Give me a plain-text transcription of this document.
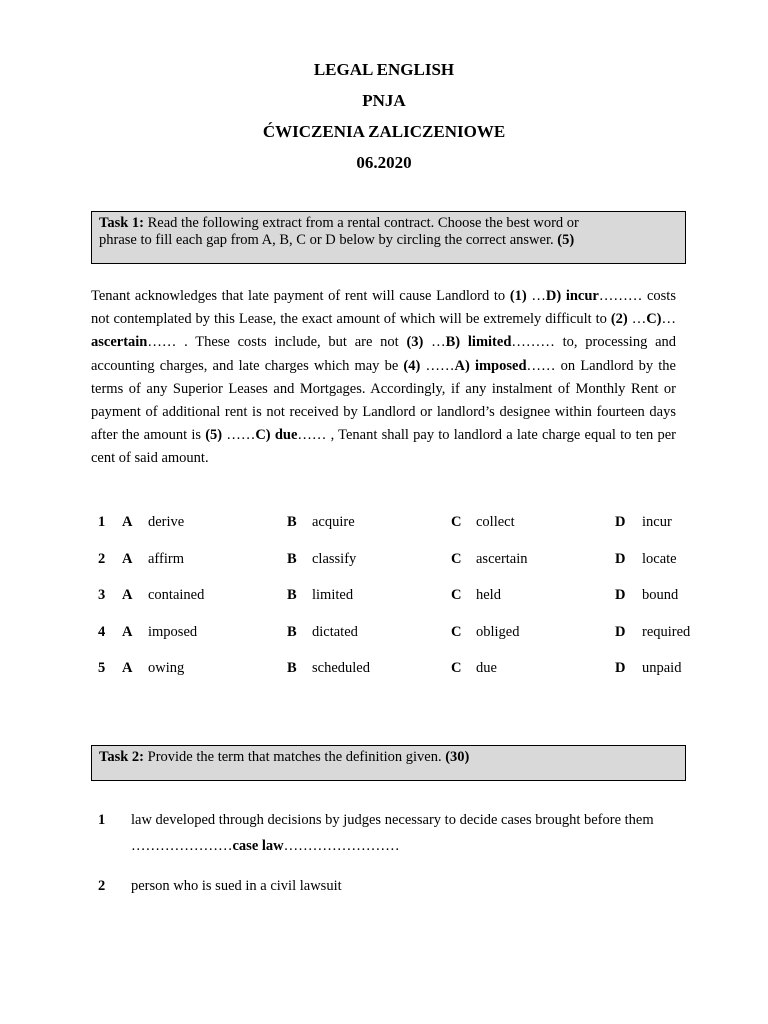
LEGAL ENGLISH
PNJA
ĆWICZENIA ZALICZENIOWE
06.2020
Task 1: Read the following extract from a rental contract. Choose the best word or
phrase to fill each gap from A, B, C or D below by circling the correct answer. (5)
Tenant acknowledges that late payment of rent will cause Landlord to (1) …D) incur……… costs not contemplated by this Lease, the exact amount of which will be extremely difficult to (2) …C)… ascertain…… . These costs include, but are not (3) …B) limited……… to, processing and accounting charges, and late charges which may be (4) ……A) imposed…… on Landlord by the terms of any Superior Leases and Mortgages. Accordingly, if any instalment of Monthly Rent or payment of additional rent is not received by Landlord or landlord’s designee within fourteen days after the amount is (5) ……C) due…… , Tenant shall pay to landlord a late charge equal to ten per cent of said amount.
1 A derive	B acquire	C collect	D incur
2 A affirm	B classify	C ascertain	D locate
3 A contained	B limited	C held	D bound
4 A imposed	B dictated	C obliged	D required
5 A owing	B scheduled	C due	D unpaid
Task 2: Provide the term that matches the definition given. (30)
1 law developed through decisions by judges necessary to decide cases brought before them
…………………case law……………………
2 person who is sued in a civil lawsuit
